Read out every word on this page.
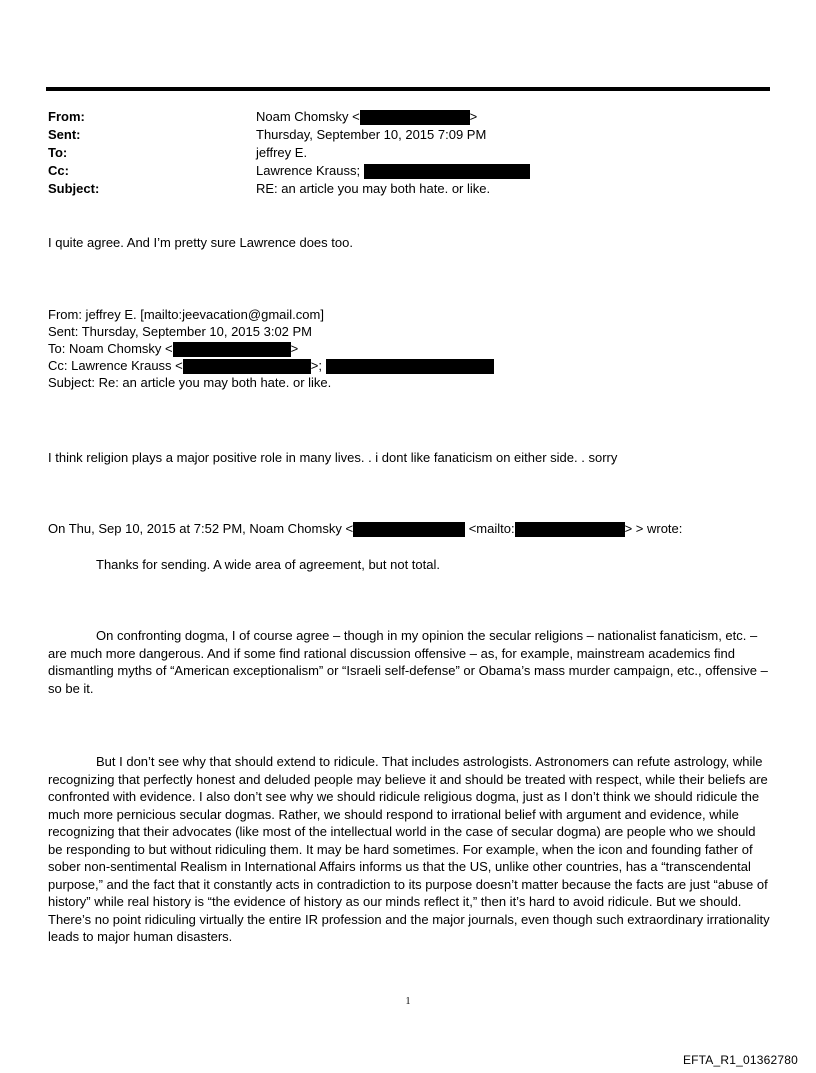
From:	Noam Chomsky <	>
Sent:	Thursday, September 10, 2015 7:09 PM
To:	jeffrey E.
Cc:	Lawrence Krauss;
Subject:	RE: an article you may both hate. or like.
I quite agree. And I’m pretty sure Lawrence does too.
From: jeffrey E. [mailto:jeevacation@gmail.com]
Sent: Thursday, September 10, 2015 3:02 PM
To: Noam Chomsky <	>
Cc: Lawrence Krauss <	>;
Subject: Re: an article you may both hate. or like.
I think religion plays a major positive role in many lives. . i dont like fanaticism on either side. . sorry
On Thu, Sep 10, 2015 at 7:52 PM, Noam Chomsky <	<mailto:	> > wrote:
Thanks for sending. A wide area of agreement, but not total.
On confronting dogma, I of course agree – though in my opinion the secular religions – nationalist fanaticism, etc. – are much more dangerous. And if some find rational discussion offensive – as, for example, mainstream academics find dismantling myths of “American exceptionalism” or “Israeli self-defense” or Obama’s mass murder campaign, etc., offensive – so be it.
But I don’t see why that should extend to ridicule. That includes astrologists. Astronomers can refute astrology, while recognizing that perfectly honest and deluded people may believe it and should be treated with respect, while their beliefs are confronted with evidence. I also don’t see why we should ridicule religious dogma, just as I don’t think we should ridicule the much more pernicious secular dogmas. Rather, we should respond to irrational belief with argument and evidence, while recognizing that their advocates (like most of the intellectual world in the case of secular dogma) are people who we should be responding to but without ridiculing them. It may be hard sometimes. For example, when the icon and founding father of sober non-sentimental Realism in International Affairs informs us that the US, unlike other countries, has a “transcendental purpose,” and the fact that it constantly acts in contradiction to its purpose doesn’t matter because the facts are just “abuse of history” while real history is “the evidence of history as our minds reflect it,” then it’s hard to avoid ridicule. But we should. There’s no point ridiculing virtually the entire IR profession and the major journals, even though such extraordinary irrationality leads to major human disasters.
1
EFTA_R1_01362780
